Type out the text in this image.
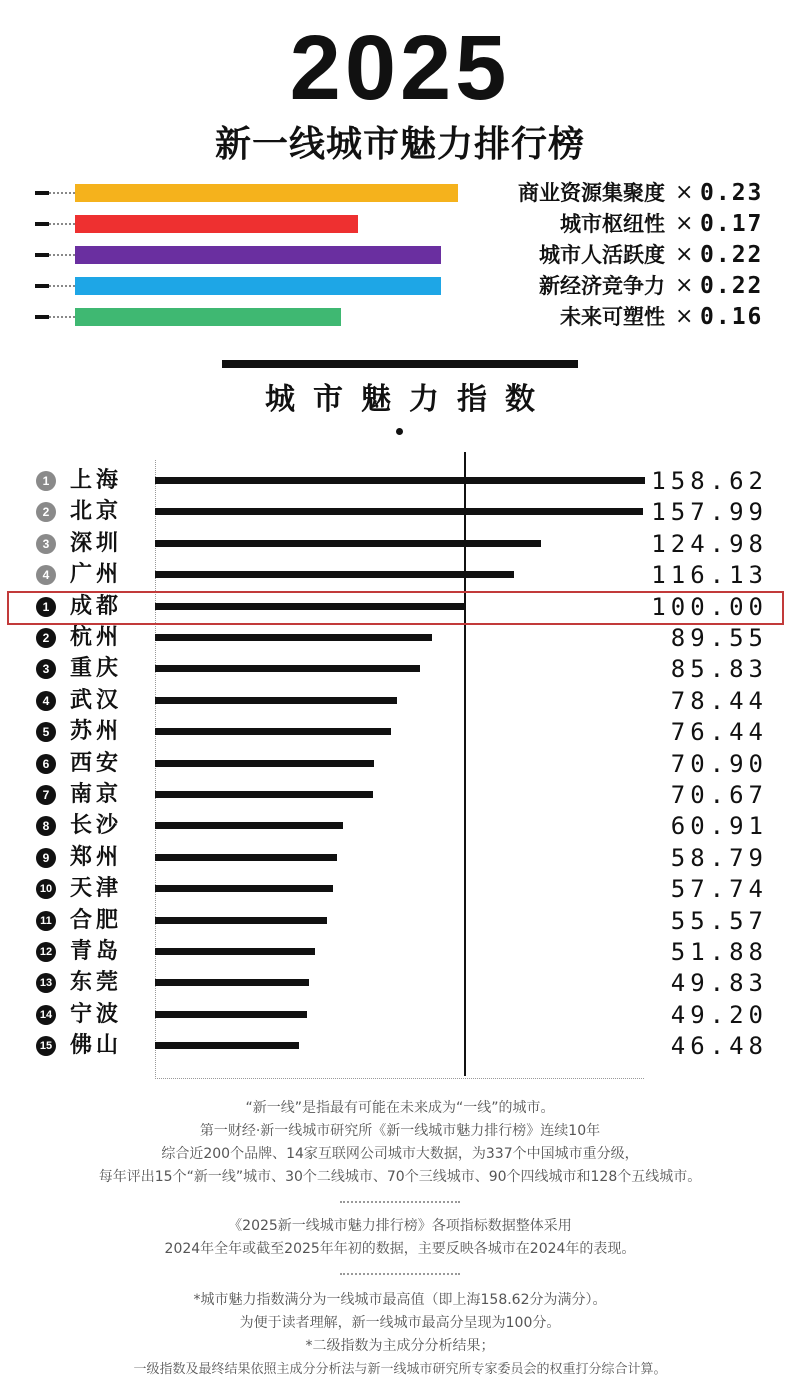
2025
新一线城市魅力排行榜
商业资源集聚度 × 0.23
城市枢纽性 × 0.17
城市人活跃度 × 0.22
新经济竞争力 × 0.22
未来可塑性 × 0.16
城市魅力指数
1 上海	158.62
2 北京	157.99
3 深圳	124.98
4 广州	116.13
1 成都	100.00
2 杭州	89.55
3 重庆	85.83
4 武汉	78.44
5 苏州	76.44
6 西安	70.90
7 南京	70.67
8 长沙	60.91
9 郑州	58.79
10 天津	57.74
11 合肥	55.57
12 青岛	51.88
13 东莞	49.83
14 宁波	49.20
15 佛山	46.48
“新一线”是指最有可能在未来成为“一线”的城市。
第一财经·新一线城市研究所《新一线城市魅力排行榜》连续10年
综合近200个品牌、14家互联网公司城市大数据，为337个中国城市重分级，
每年评出15个“新一线”城市、30个二线城市、70个三线城市、90个四线城市和128个五线城市。
《2025新一线城市魅力排行榜》各项指标数据整体采用
2024年全年或截至2025年年初的数据，主要反映各城市在2024年的表现。
*城市魅力指数满分为一线城市最高值（即上海158.62分为满分）。
为便于读者理解，新一线城市最高分呈现为100分。
*二级指数为主成分分析结果；
一级指数及最终结果依照主成分分析法与新一线城市研究所专家委员会的权重打分综合计算。
